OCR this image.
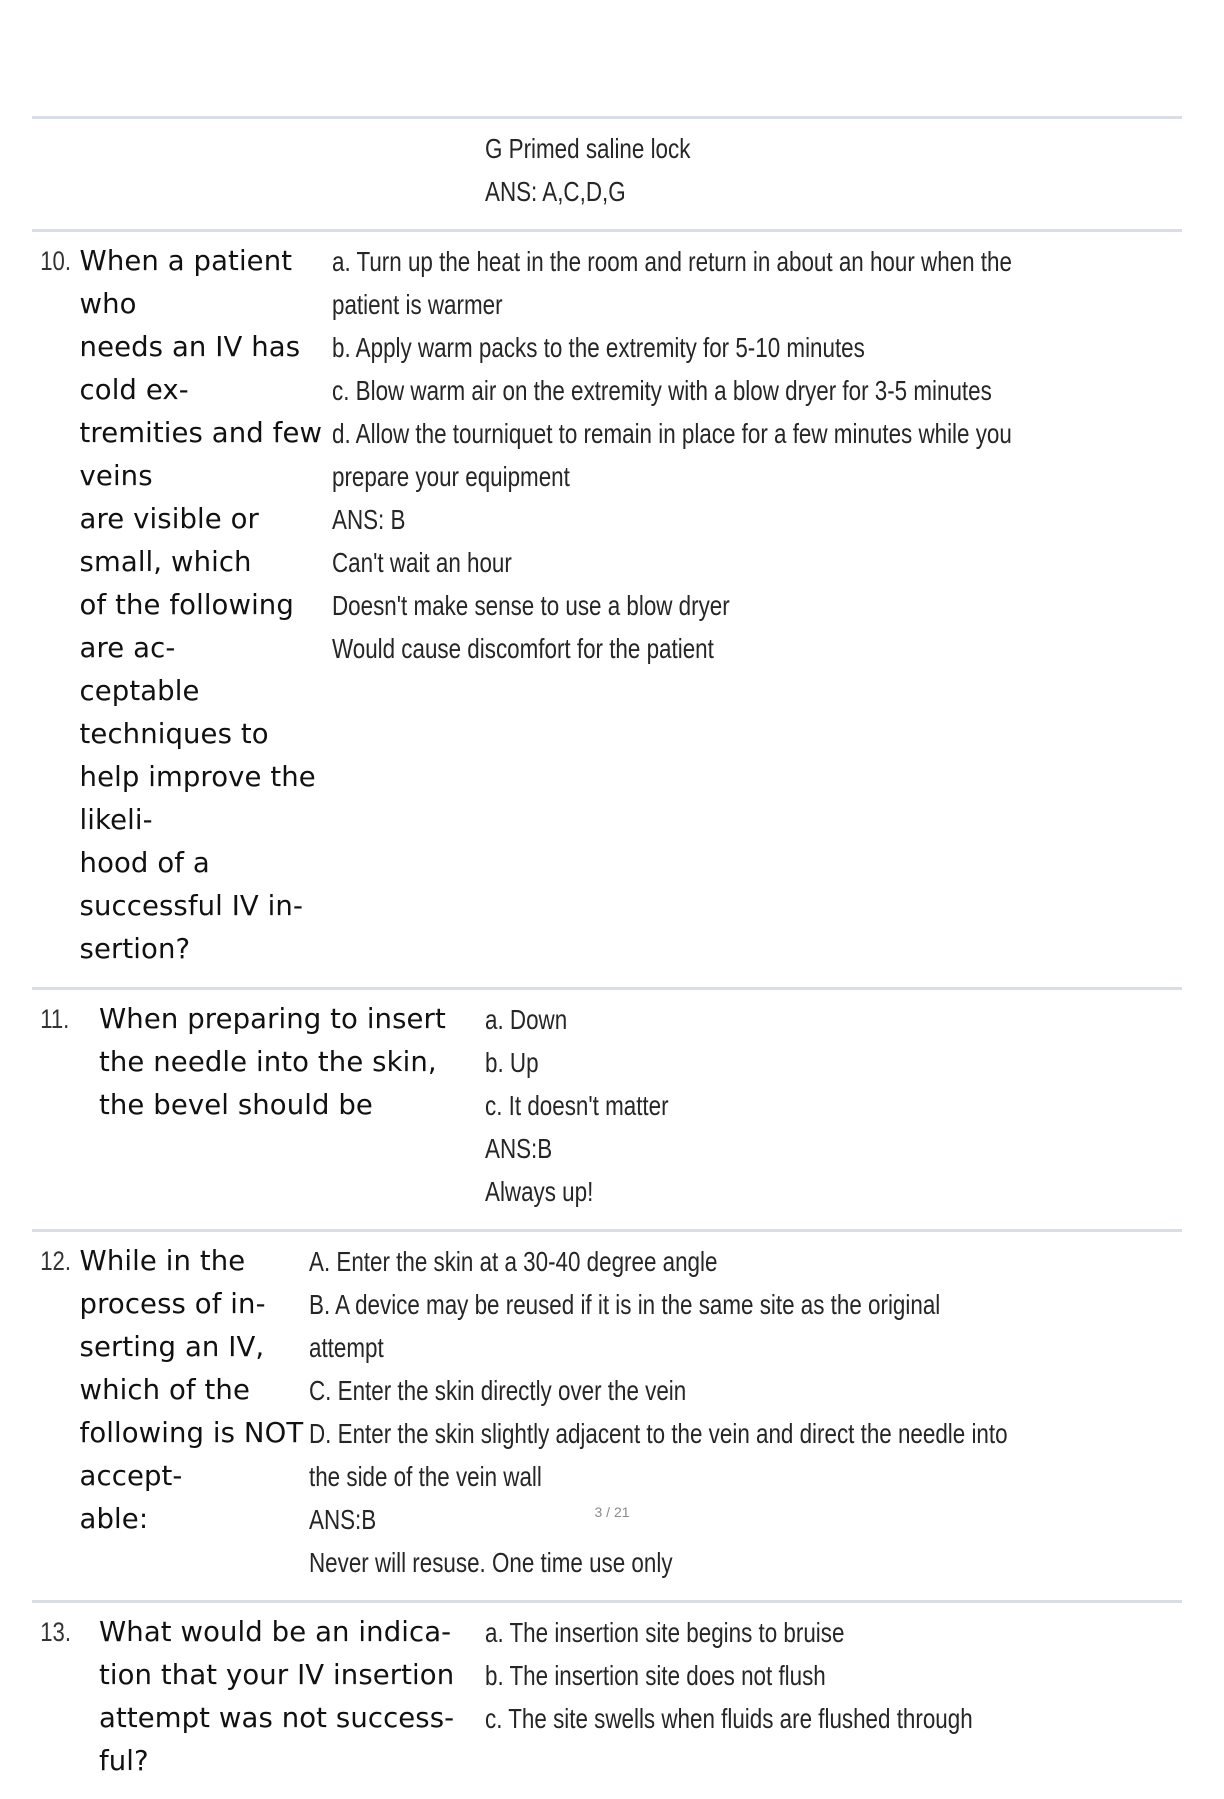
G Primed saline lock
ANS: A,C,D,G
10. When a patient who
needs an IV has cold ex-
tremities and few veins
are visible or small, which
of the following are ac-
ceptable techniques to
help improve the likeli-
hood of a successful IV in-
sertion?
a. Turn up the heat in the room and return in about an hour when the
patient is warmer
b. Apply warm packs to the extremity for 5-10 minutes
c. Blow warm air on the extremity with a blow dryer for 3-5 minutes
d. Allow the tourniquet to remain in place for a few minutes while you
prepare your equipment
ANS: B
Can't wait an hour
Doesn't make sense to use a blow dryer
Would cause discomfort for the patient
11.	When preparing to insert
the needle into the skin,
the bevel should be
a. Down
b. Up
c. It doesn't matter
ANS:B
Always up!
12. While in the process of in-
serting an IV, which of the
following is NOT accept-
able:
A. Enter the skin at a 30-40 degree angle
B. A device may be reused if it is in the same site as the original
attempt
C. Enter the skin directly over the vein
D. Enter the skin slightly adjacent to the vein and direct the needle into
the side of the vein wall
ANS:B
Never will resuse. One time use only
13.	What would be an indica-
tion that your IV insertion
attempt was not success-
ful?
a. The insertion site begins to bruise
b. The insertion site does not flush
c. The site swells when fluids are flushed through
3 / 21
